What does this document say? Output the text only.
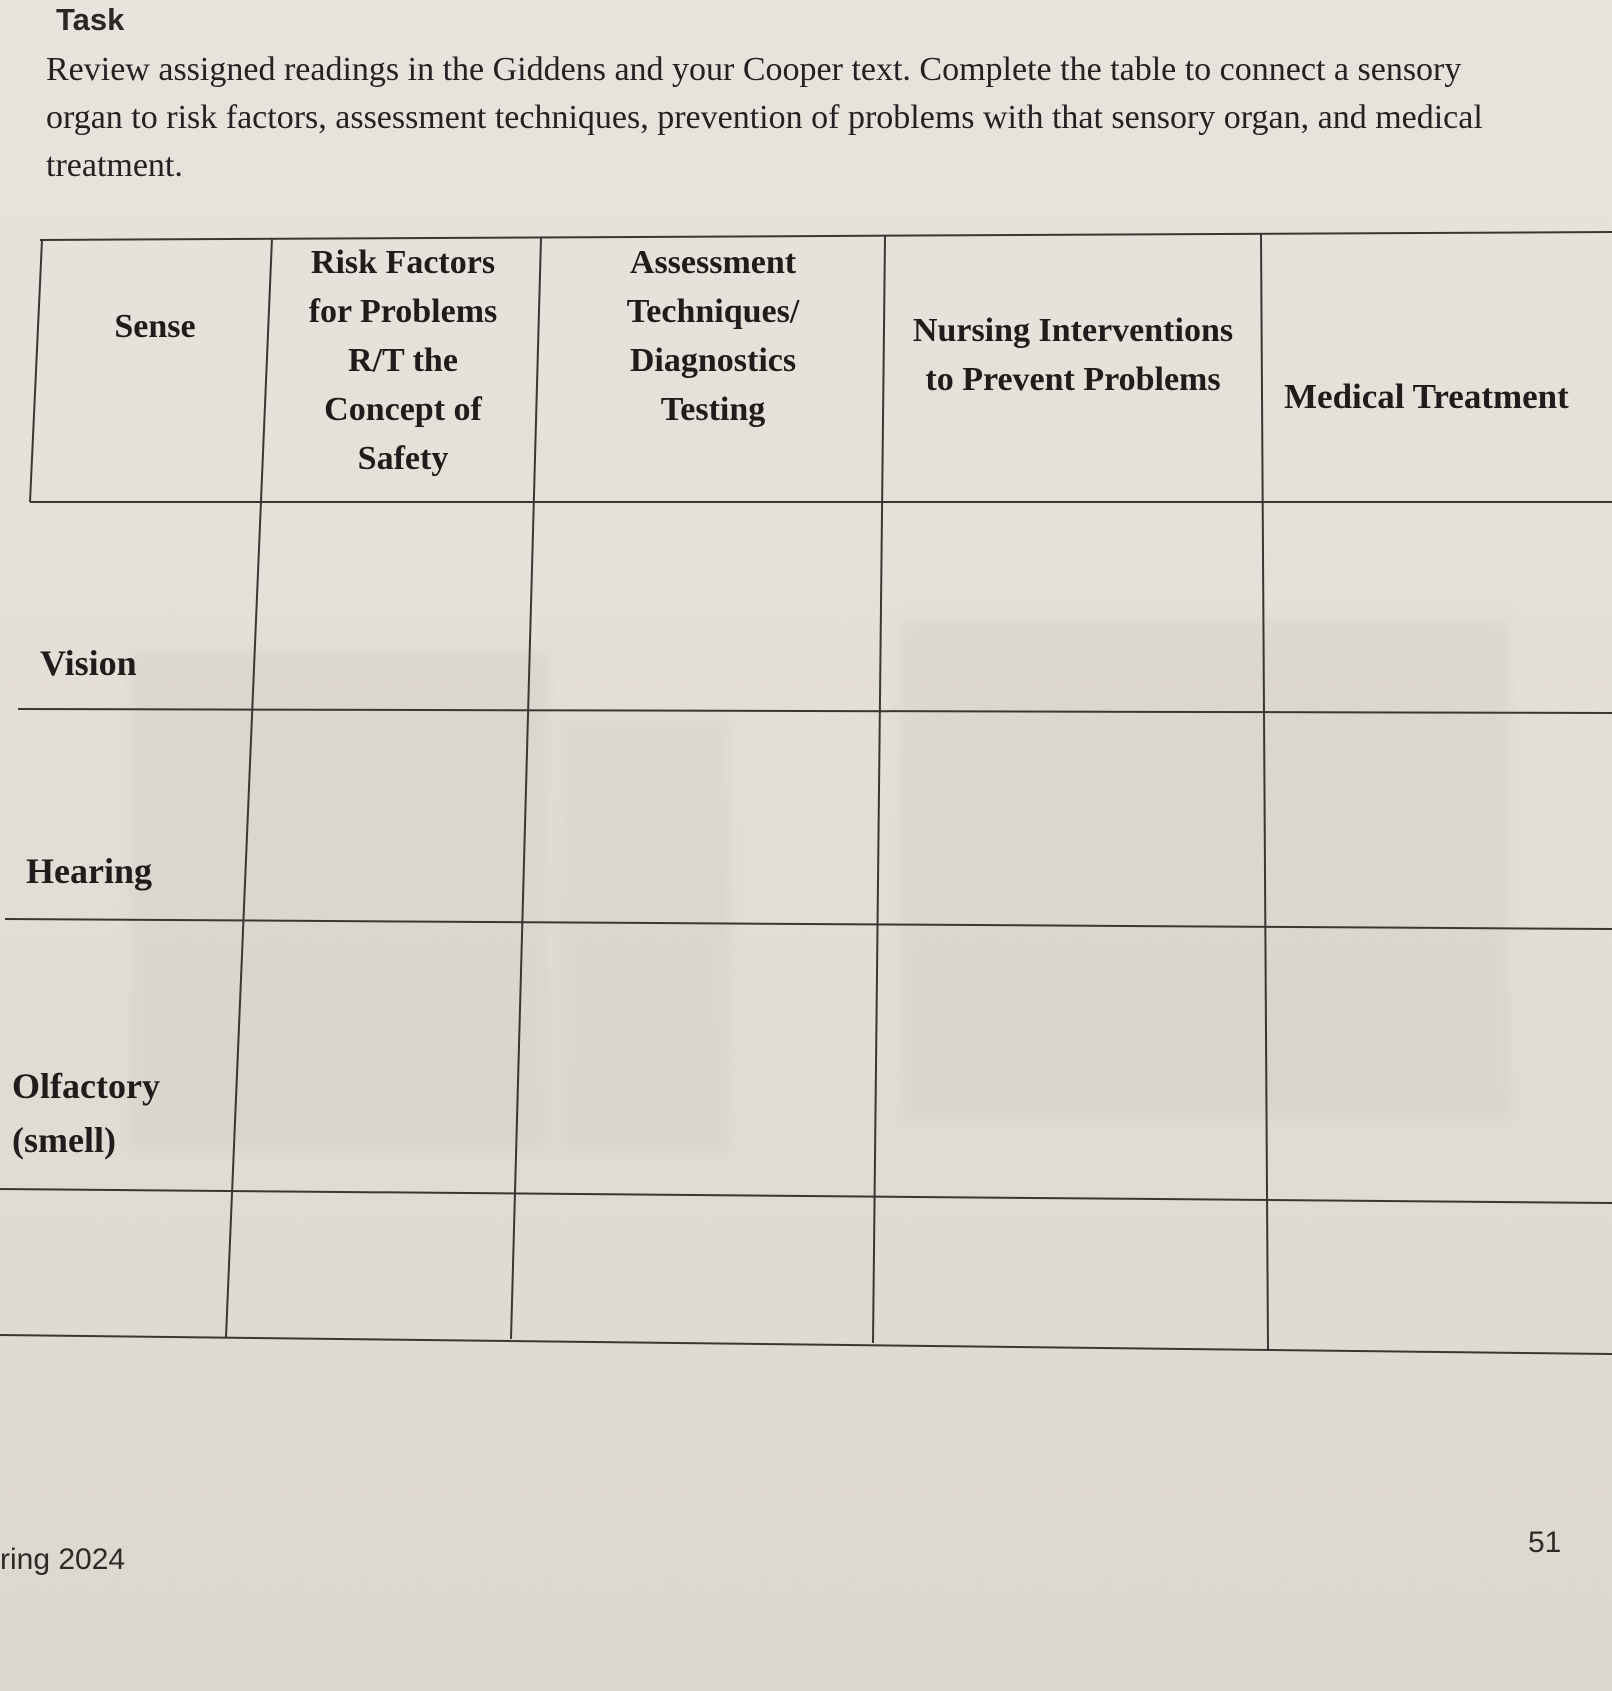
Task

Review assigned readings in the Giddens and your Cooper text. Complete the table to connect a sensory organ to risk factors, assessment techniques, prevention of problems with that sensory organ, and medical treatment.

Sense
Risk Factors for Problems R/T the Concept of Safety
Assessment Techniques/ Diagnostics Testing
Nursing Interventions to Prevent Problems	Medical Treatment
Vision
Hearing
Olfactory (smell)
ring 2024
51
